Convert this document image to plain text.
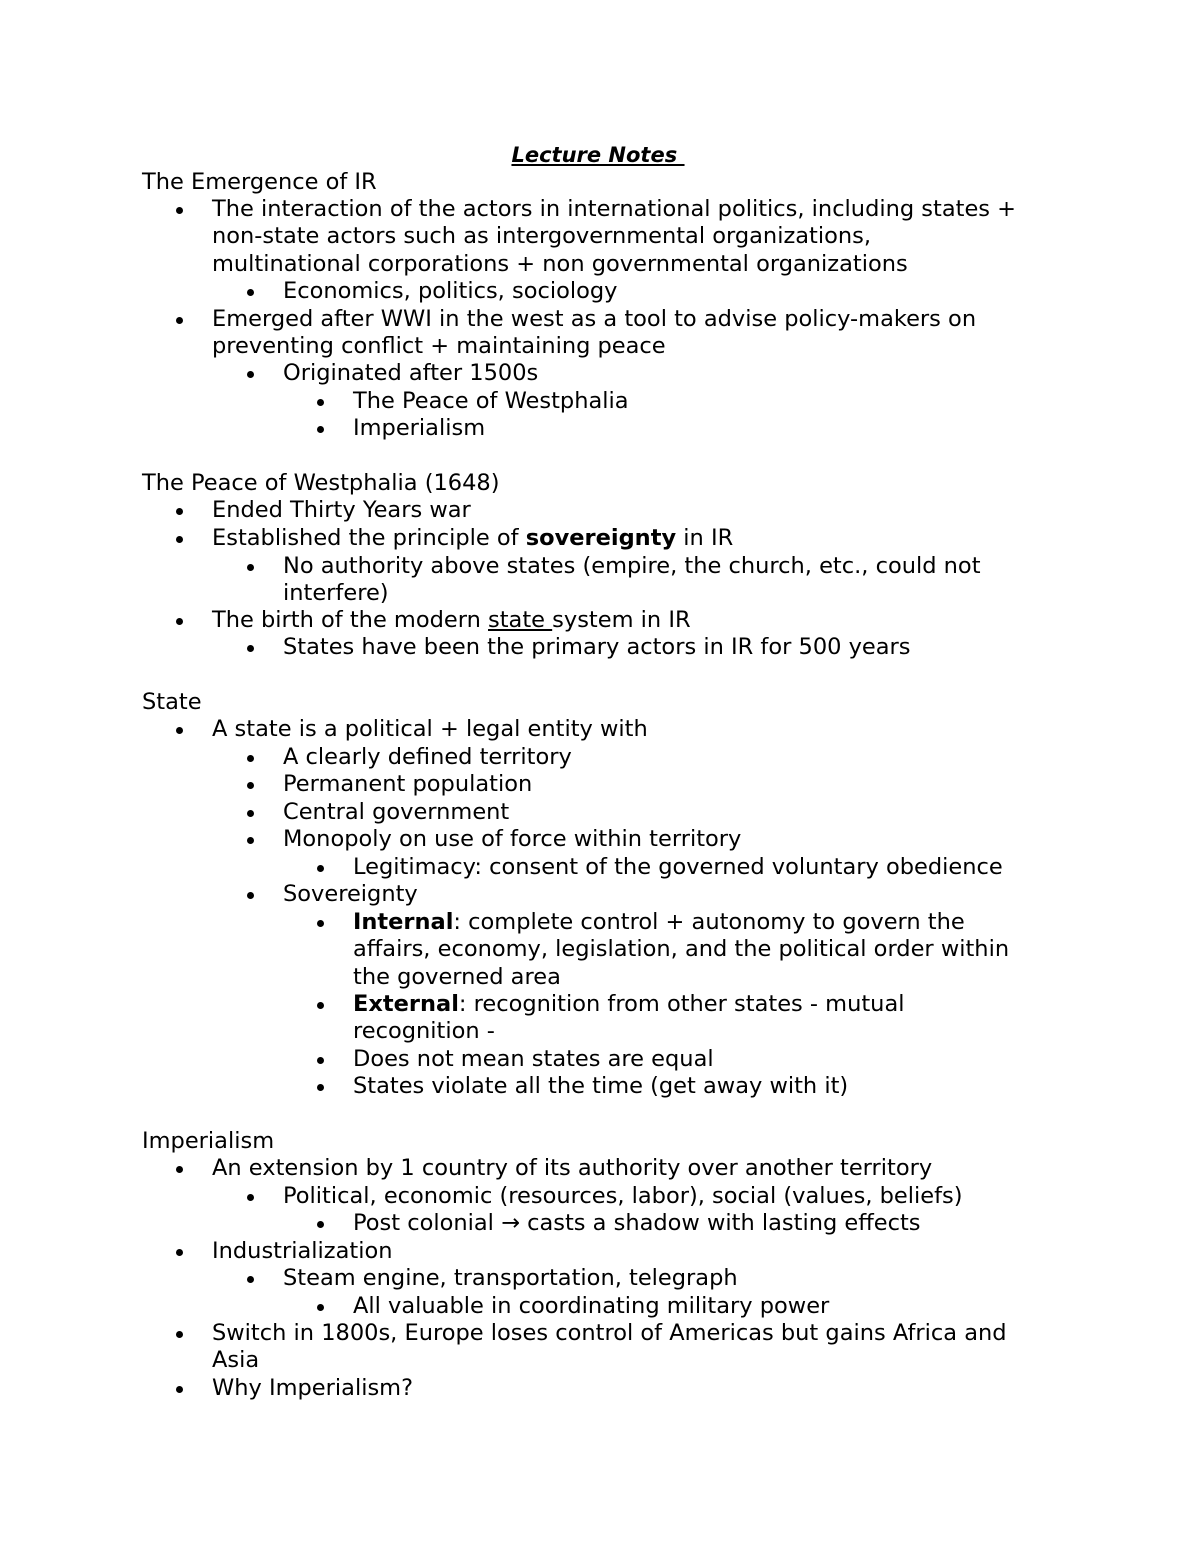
Lecture Notes
The Emergence of IR
The interaction of the actors in international politics, including states +
non-state actors such as intergovernmental organizations,
multinational corporations + non governmental organizations
Economics, politics, sociology
Emerged after WWI in the west as a tool to advise policy-makers on
preventing conflict + maintaining peace
Originated after 1500s
The Peace of Westphalia
Imperialism
The Peace of Westphalia (1648)
Ended Thirty Years war
Established the principle of sovereignty in IR
No authority above states (empire, the church, etc., could not
interfere)
The birth of the modern state system in IR
States have been the primary actors in IR for 500 years
State
A state is a political + legal entity with
A clearly defined territory
Permanent population
Central government
Monopoly on use of force within territory
Legitimacy: consent of the governed voluntary obedience
Sovereignty
Internal: complete control + autonomy to govern the
affairs, economy, legislation, and the political order within
the governed area
External: recognition from other states - mutual
recognition -
Does not mean states are equal
States violate all the time (get away with it)
Imperialism
An extension by 1 country of its authority over another territory
Political, economic (resources, labor), social (values, beliefs)
Post colonial → casts a shadow with lasting effects
Industrialization
Steam engine, transportation, telegraph
All valuable in coordinating military power
Switch in 1800s, Europe loses control of Americas but gains Africa and
Asia
Why Imperialism?
